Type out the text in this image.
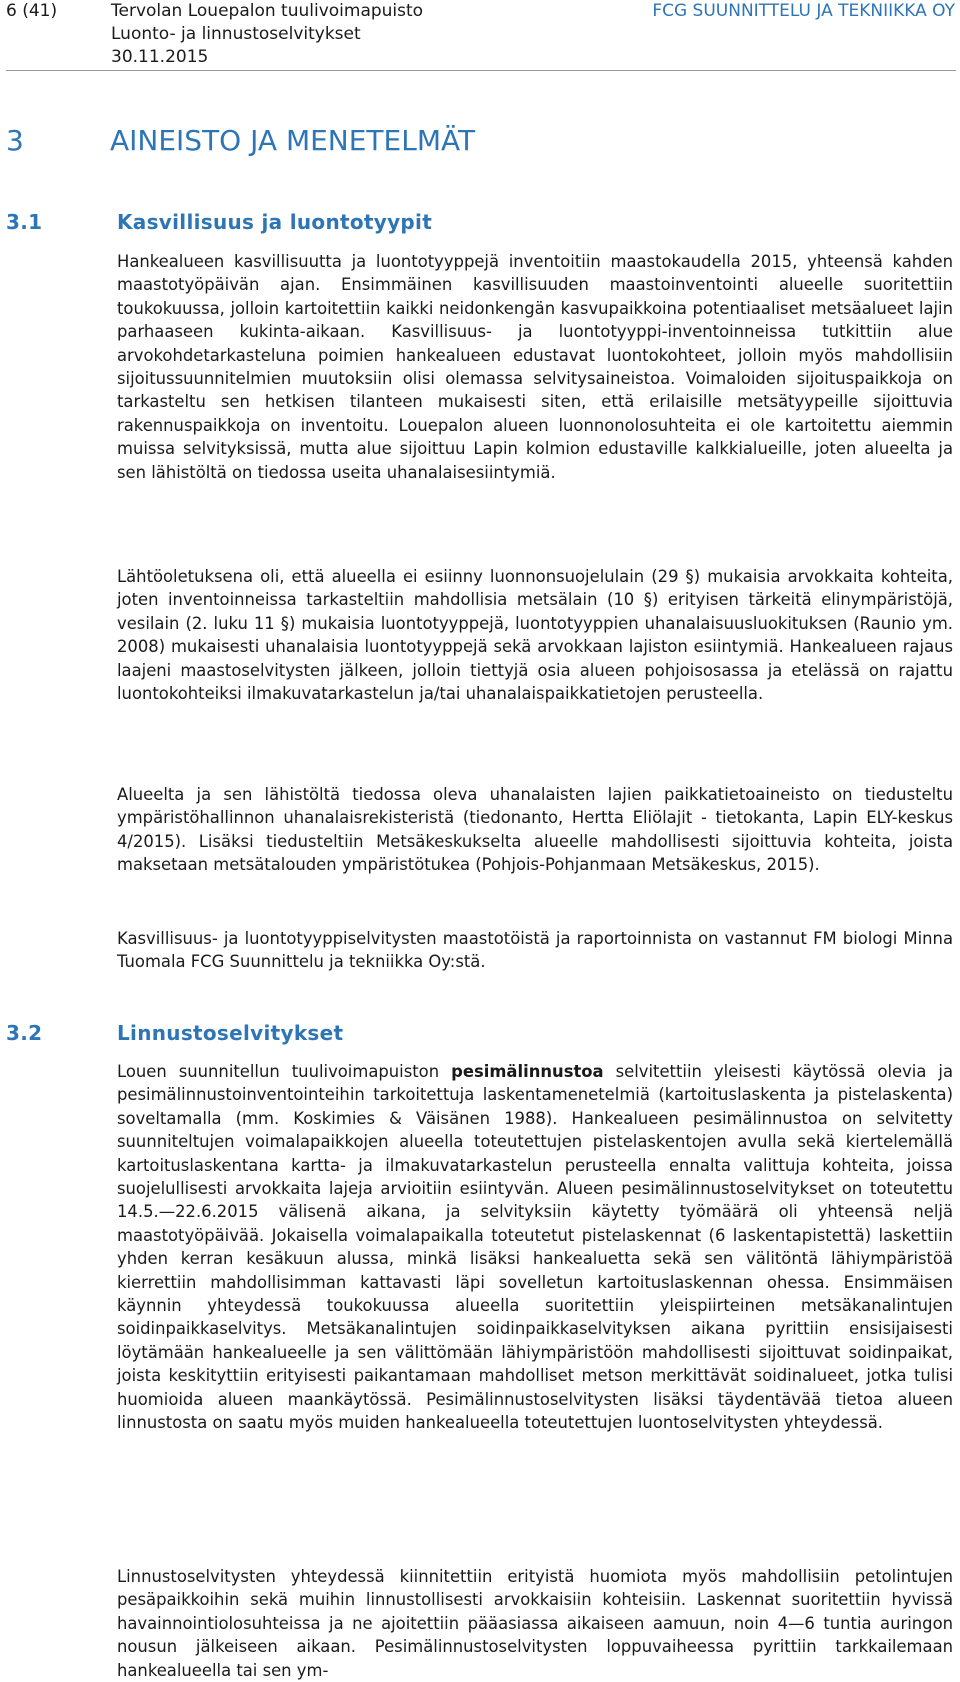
6 (41)	Tervolan Louepalon tuulivoimapuisto
Luonto- ja linnustoselvitykset
30.11.2015
FCG SUUNNITTELU JA TEKNIIKKA OY
3	AINEISTO JA MENETELMÄT
3.1	Kasvillisuus ja luontotyypit

Hankealueen kasvillisuutta ja luontotyyppejä inventoitiin maastokaudella 2015, yhteensä kahden maastotyöpäivän ajan. Ensimmäinen kasvillisuuden maastoinventointi alueelle suoritettiin toukokuussa, jolloin kartoitettiin kaikki neidonkengän kasvupaikkoina potentiaaliset metsäalueet lajin parhaaseen kukinta-aikaan. Kasvillisuus- ja luontotyyppi-inventoinneissa tutkittiin alue arvokohdetarkasteluna poimien hankealueen edustavat luontokohteet, jolloin myös mahdollisiin sijoitussuunnitelmien muutoksiin olisi olemassa selvitysaineistoa. Voimaloiden sijoituspaikkoja on tarkasteltu sen hetkisen tilanteen mukaisesti siten, että erilaisille metsätyypeille sijoittuvia rakennuspaikkoja on inventoitu. Louepalon alueen luonnonolosuhteita ei ole kartoitettu aiemmin muissa selvityksissä, mutta alue sijoittuu Lapin kolmion edustaville kalkkialueille, joten alueelta ja sen lähistöltä on tiedossa useita uhanalaisesiintymiä.

Lähtöoletuksena oli, että alueella ei esiinny luonnonsuojelulain (29 §) mukaisia arvokkaita kohteita, joten inventoinneissa tarkasteltiin mahdollisia metsälain (10 §) erityisen tärkeitä elinympäristöjä, vesilain (2. luku 11 §) mukaisia luontotyyppejä, luontotyyppien uhanalaisuusluokituksen (Raunio ym. 2008) mukaisesti uhanalaisia luontotyyppejä sekä arvokkaan lajiston esiintymiä. Hankealueen rajaus laajeni maastoselvitysten jälkeen, jolloin tiettyjä osia alueen pohjoisosassa ja etelässä on rajattu luontokohteiksi ilmakuvatarkastelun ja/tai uhanalaispaikkatietojen perusteella.

Alueelta ja sen lähistöltä tiedossa oleva uhanalaisten lajien paikkatietoaineisto on tiedusteltu ympäristöhallinnon uhanalaisrekisteristä (tiedonanto, Hertta Eliölajit - tietokanta, Lapin ELY-keskus 4/2015). Lisäksi tiedusteltiin Metsäkeskukselta alueelle mahdollisesti sijoittuvia kohteita, joista maksetaan metsätalouden ympäristötukea (Pohjois-Pohjanmaan Metsäkeskus, 2015).

Kasvillisuus- ja luontotyyppiselvitysten maastotöistä ja raportoinnista on vastannut FM biologi Minna Tuomala FCG Suunnittelu ja tekniikka Oy:stä.

3.2	Linnustoselvitykset

Louen suunnitellun tuulivoimapuiston pesimälinnustoa selvitettiin yleisesti käytössä olevia ja pesimälinnustoinventointeihin tarkoitettuja laskentamenetelmiä (kartoituslaskenta ja pistelaskenta) soveltamalla (mm. Koskimies & Väisänen 1988). Hankealueen pesimälinnustoa on selvitetty suunniteltujen voimalapaikkojen alueella toteutettujen pistelaskentojen avulla sekä kiertelemällä kartoituslaskentana kartta- ja ilmakuvatarkastelun perusteella ennalta valittuja kohteita, joissa suojelullisesti arvokkaita lajeja arvioitiin esiintyvän. Alueen pesimälinnustoselvitykset on toteutettu 14.5.—22.6.2015 välisenä aikana, ja selvityksiin käytetty työmäärä oli yhteensä neljä maastotyöpäivää. Jokaisella voimalapaikalla toteutetut pistelaskennat (6 laskentapistettä) laskettiin yhden kerran kesäkuun alussa, minkä lisäksi hankealuetta sekä sen välitöntä lähiympäristöä kierrettiin mahdollisimman kattavasti läpi sovelletun kartoituslaskennan ohessa. Ensimmäisen käynnin yhteydessä toukokuussa alueella suoritettiin yleispiirteinen metsäkanalintujen soidinpaikkaselvitys. Metsäkanalintujen soidinpaikkaselvityksen aikana pyrittiin ensisijaisesti löytämään hankealueelle ja sen välittömään lähiympäristöön mahdollisesti sijoittuvat soidinpaikat, joista keskityttiin erityisesti paikantamaan mahdolliset metson merkittävät soidinalueet, jotka tulisi huomioida alueen maankäytössä. Pesimälinnustoselvitysten lisäksi täydentävää tietoa alueen linnustosta on saatu myös muiden hankealueella toteutettujen luontoselvitysten yhteydessä.

Linnustoselvitysten yhteydessä kiinnitettiin erityistä huomiota myös mahdollisiin petolintujen pesäpaikkoihin sekä muihin linnustollisesti arvokkaisiin kohteisiin. Laskennat suoritettiin hyvissä havainnointiolosuhteissa ja ne ajoitettiin pääasiassa aikaiseen aamuun, noin 4—6 tuntia auringon nousun jälkeiseen aikaan. Pesimälinnustoselvitysten loppuvaiheessa pyrittiin tarkkailemaan hankealueella tai sen ym-
